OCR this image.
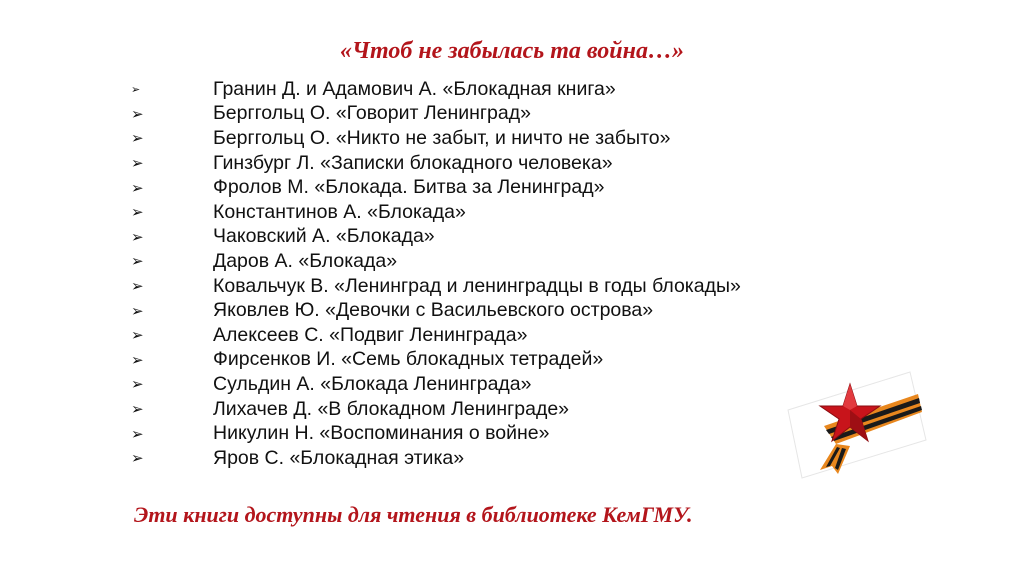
«Чтоб не забылась та война…»
➢	Гранин Д. и Адамович А. «Блокадная книга»
➢	Берггольц О. «Говорит Ленинград»
➢	Берггольц О. «Никто не забыт, и ничто не забыто»
➢	Гинзбург Л. «Записки блокадного человека»
➢	Фролов М. «Блокада. Битва за Ленинград»
➢	Константинов А. «Блокада»
➢	Чаковский А. «Блокада»
➢	Даров А. «Блокада»
➢	Ковальчук В. «Ленинград и ленинградцы в годы блокады»
➢	Яковлев Ю. «Девочки с Васильевского острова»
➢	Алексеев С. «Подвиг Ленинграда»
➢	Фирсенков И. «Семь блокадных тетрадей»
➢	Сульдин А. «Блокада Ленинграда»
➢	Лихачев Д. «В блокадном Ленинграде»
➢	Никулин Н. «Воспоминания о войне»
➢	Яров С. «Блокадная этика»

Эти книги доступны для чтения в библиотеке КемГМУ.
